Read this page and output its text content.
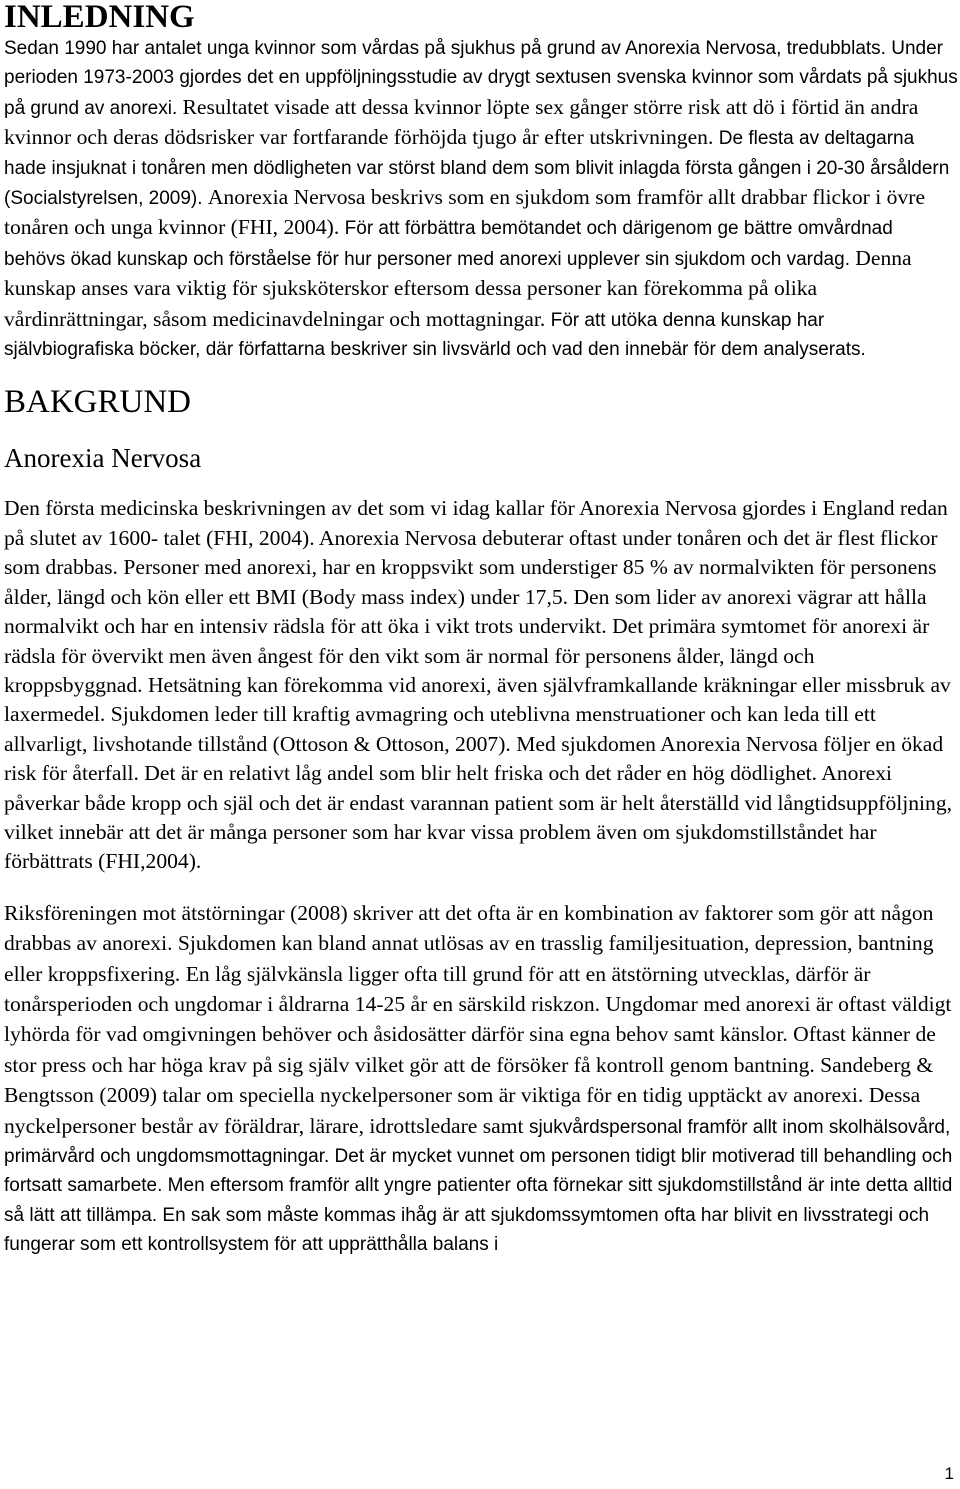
INLEDNING

Sedan 1990 har antalet unga kvinnor som vårdas på sjukhus på grund av Anorexia Nervosa, tredubblats. Under perioden 1973-2003 gjordes det en uppföljningsstudie av drygt sextusen svenska kvinnor som vårdats på sjukhus på grund av anorexi. Resultatet visade att dessa kvinnor löpte sex gånger större risk att dö i förtid än andra kvinnor och deras dödsrisker var fortfarande förhöjda tjugo år efter utskrivningen. De flesta av deltagarna hade insjuknat i tonåren men dödligheten var störst bland dem som blivit inlagda första gången i 20-30 årsåldern (Socialstyrelsen, 2009). Anorexia Nervosa beskrivs som en sjukdom som framför allt drabbar flickor i övre tonåren och unga kvinnor (FHI, 2004). För att förbättra bemötandet och därigenom ge bättre omvårdnad behövs ökad kunskap och förståelse för hur personer med anorexi upplever sin sjukdom och vardag. Denna kunskap anses vara viktig för sjuksköterskor eftersom dessa personer kan förekomma på olika vårdinrättningar, såsom medicinavdelningar och mottagningar. För att utöka denna kunskap har självbiografiska böcker, där författarna beskriver sin livsvärld och vad den innebär för dem analyserats.

BAKGRUND
Anorexia Nervosa

Den första medicinska beskrivningen av det som vi idag kallar för Anorexia Nervosa gjordes i England redan på slutet av 1600- talet (FHI, 2004). Anorexia Nervosa debuterar oftast under tonåren och det är flest flickor som drabbas. Personer med anorexi, har en kroppsvikt som understiger 85 % av normalvikten för personens ålder, längd och kön eller ett BMI (Body mass index) under 17,5. Den som lider av anorexi vägrar att hålla normalvikt och har en intensiv rädsla för att öka i vikt trots undervikt. Det primära symtomet för anorexi är rädsla för övervikt men även ångest för den vikt som är normal för personens ålder, längd och kroppsbyggnad. Hetsätning kan förekomma vid anorexi, även självframkallande kräkningar eller missbruk av laxermedel. Sjukdomen leder till kraftig avmagring och uteblivna menstruationer och kan leda till ett allvarligt, livshotande tillstånd (Ottoson & Ottoson, 2007). Med sjukdomen Anorexia Nervosa följer en ökad risk för återfall. Det är en relativt låg andel som blir helt friska och det råder en hög dödlighet. Anorexi påverkar både kropp och själ och det är endast varannan patient som är helt återställd vid långtidsuppföljning, vilket innebär att det är många personer som har kvar vissa problem även om sjukdomstillståndet har förbättrats (FHI,2004).

Riksföreningen mot ätstörningar (2008) skriver att det ofta är en kombination av faktorer som gör att någon drabbas av anorexi. Sjukdomen kan bland annat utlösas av en trasslig familjesituation, depression, bantning eller kroppsfixering. En låg självkänsla ligger ofta till grund för att en ätstörning utvecklas, därför är tonårsperioden och ungdomar i åldrarna 14-25 år en särskild riskzon. Ungdomar med anorexi är oftast väldigt lyhörda för vad omgivningen behöver och åsidosätter därför sina egna behov samt känslor. Oftast känner de stor press och har höga krav på sig själv vilket gör att de försöker få kontroll genom bantning. Sandeberg & Bengtsson (2009) talar om speciella nyckelpersoner som är viktiga för en tidig upptäckt av anorexi. Dessa nyckelpersoner består av föräldrar, lärare, idrottsledare samt sjukvårdspersonal framför allt inom skolhälsovård, primärvård och ungdomsmottagningar. Det är mycket vunnet om personen tidigt blir motiverad till behandling och fortsatt samarbete. Men eftersom framför allt yngre patienter ofta förnekar sitt sjukdomstillstånd är inte detta alltid så lätt att tillämpa. En sak som måste kommas ihåg är att sjukdomssymtomen ofta har blivit en livsstrategi och fungerar som ett kontrollsystem för att upprätthålla balans i

1
